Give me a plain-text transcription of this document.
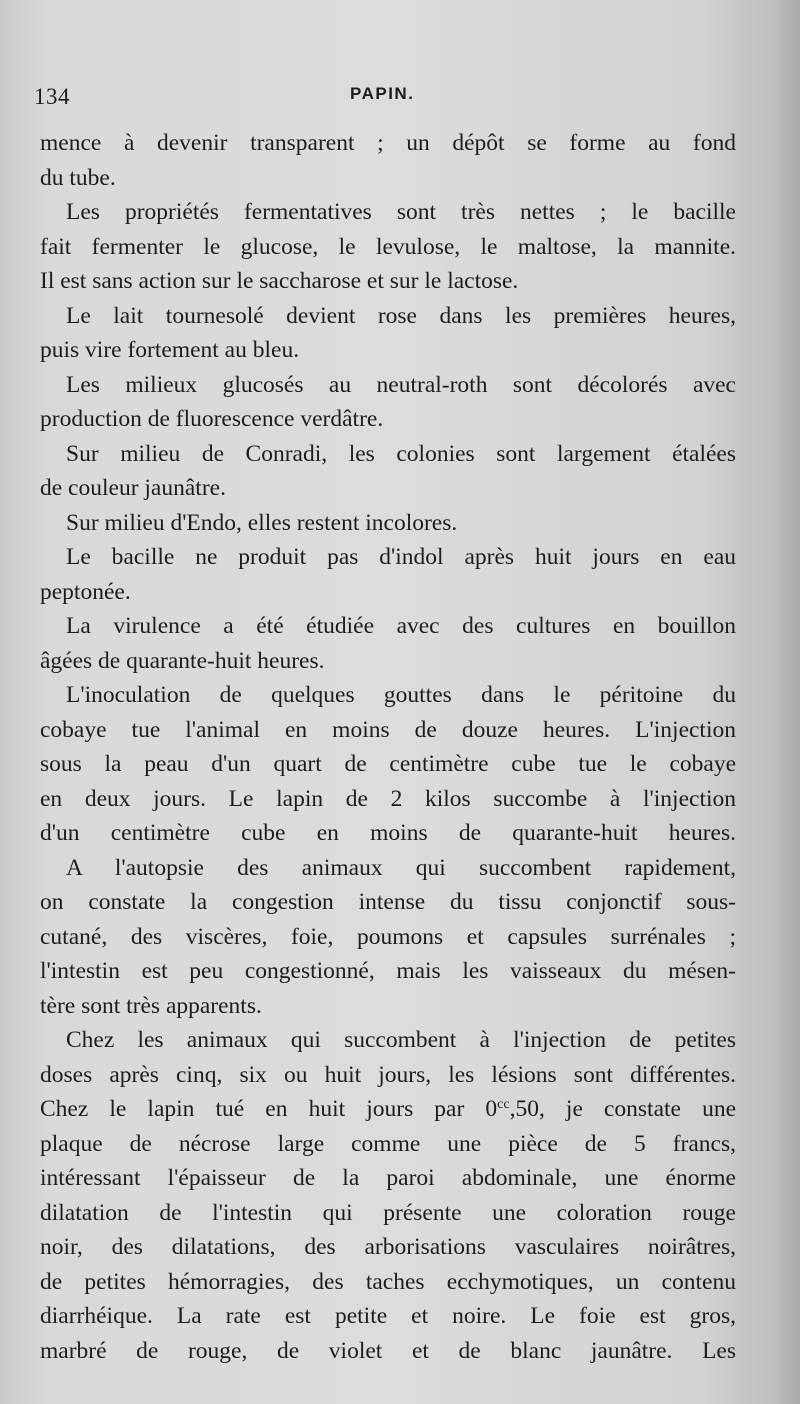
134	PAPIN.
mence à devenir transparent ; un dépôt se forme au fond
du tube.
Les propriétés fermentatives sont très nettes ; le bacille
fait fermenter le glucose, le levulose, le maltose, la mannite.
Il est sans action sur le saccharose et sur le lactose.
Le lait tournesolé devient rose dans les premières heures,
puis vire fortement au bleu.
Les milieux glucosés au neutral-roth sont décolorés avec
production de fluorescence verdâtre.
Sur milieu de Conradi, les colonies sont largement étalées
de couleur jaunâtre.
Sur milieu d'Endo, elles restent incolores.
Le bacille ne produit pas d'indol après huit jours en eau
peptonée.
La virulence a été étudiée avec des cultures en bouillon
âgées de quarante-huit heures.
L'inoculation de quelques gouttes dans le péritoine du
cobaye tue l'animal en moins de douze heures. L'injection
sous la peau d'un quart de centimètre cube tue le cobaye
en deux jours. Le lapin de 2 kilos succombe à l'injection
d'un centimètre cube en moins de quarante-huit heures.
A l'autopsie des animaux qui succombent rapidement,
on constate la congestion intense du tissu conjonctif sous-
cutané, des viscères, foie, poumons et capsules surrénales ;
l'intestin est peu congestionné, mais les vaisseaux du mésen-
tère sont très apparents.
Chez les animaux qui succombent à l'injection de petites
doses après cinq, six ou huit jours, les lésions sont différentes.
Chez le lapin tué en huit jours par $0^{cc},50$, je constate une
plaque de nécrose large comme une pièce de 5 francs,
intéressant l'épaisseur de la paroi abdominale, une énorme
dilatation de l'intestin qui présente une coloration rouge
noir, des dilatations, des arborisations vasculaires noirâtres,
de petites hémorragies, des taches ecchymotiques, un contenu
diarrhéique. La rate est petite et noire. Le foie est gros,
marbré de rouge, de violet et de blanc jaunâtre. Les
